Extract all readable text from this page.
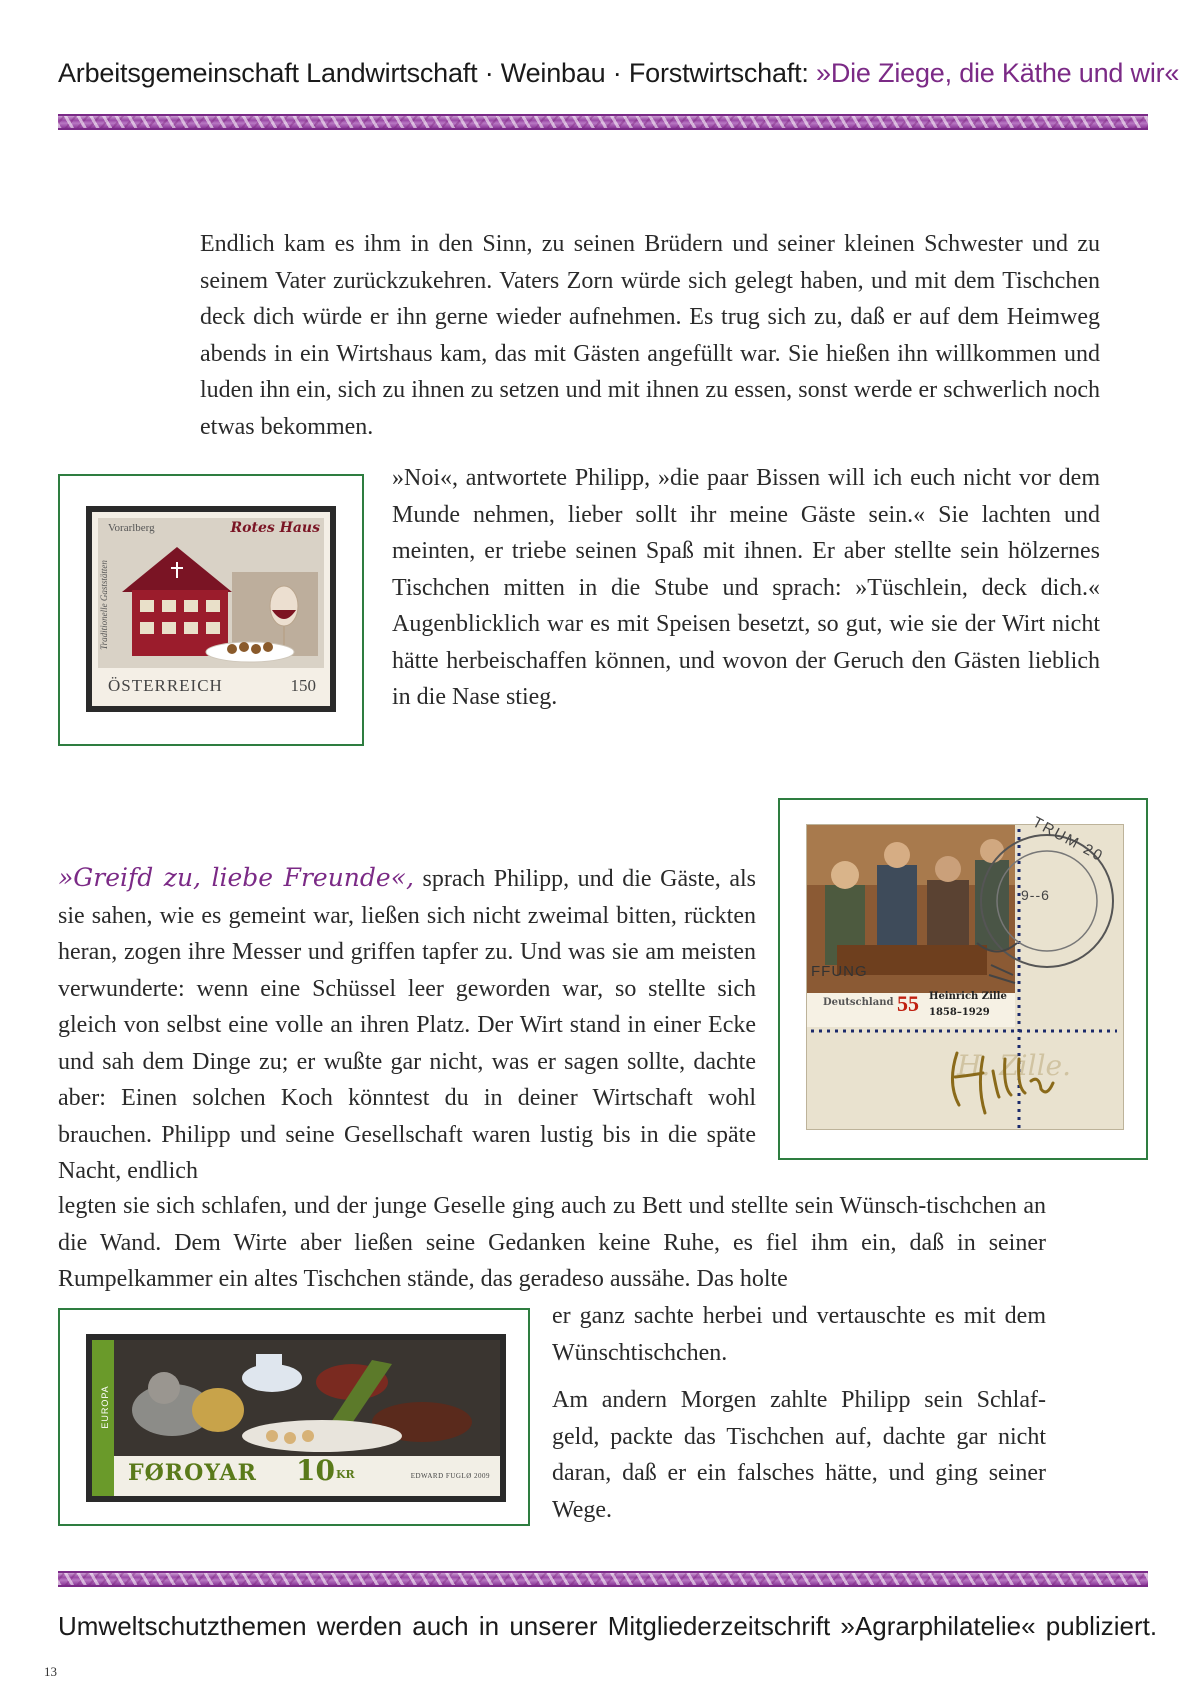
Arbeitsgemeinschaft Landwirtschaft · Weinbau · Forstwirtschaft: »Die Ziege, die Käthe und wir«

Endlich kam es ihm in den Sinn, zu seinen Brüdern und seiner kleinen Schwester und zu seinem Vater zurückzukehren. Vaters Zorn würde sich gelegt haben, und mit dem Tischchen deck dich würde er ihn gerne wieder aufnehmen. Es trug sich zu, daß er auf dem Heimweg abends in ein Wirtshaus kam, das mit Gästen angefüllt war. Sie hießen ihn willkommen und luden ihn ein, sich zu ihnen zu setzen und mit ihnen zu essen, sonst werde er schwerlich noch etwas bekommen.

Vorarlberg	Rotes Haus
Traditionelle Gaststätten
ÖSTERREICH	150

»Noi«, antwortete Philipp, »die paar Bissen will ich euch nicht vor dem Munde nehmen, lieber sollt ihr meine Gäste sein.« Sie lachten und meinten, er triebe seinen Spaß mit ihnen. Er aber stellte sein hölzernes Tischchen mitten in die Stube und sprach: »Tüschlein, deck dich.« Augenblicklich war es mit Speisen besetzt, so gut, wie sie der Wirt nicht hätte herbeischaffen können, und wovon der Geruch den Gästen lieblich in die Nase stieg.

Deutschland 55 Heinrich Zille
1858–1929
TRUM 20
9--6
FFUNG
H. Zille.

»Greifd zu, liebe Freunde«, sprach Philipp, und die Gäste, als sie sahen, wie es gemeint war, ließen sich nicht zweimal bitten, rückten heran, zogen ihre Messer und griffen tapfer zu. Und was sie am meisten verwunderte: wenn eine Schüssel leer geworden war, so stellte sich gleich von selbst eine volle an ihren Platz. Der Wirt stand in einer Ecke und sah dem Dinge zu; er wußte gar nicht, was er sagen sollte, dachte aber: Einen solchen Koch könntest du in deiner Wirtschaft wohl brauchen. Philipp und seine Gesellschaft waren lustig bis in die späte Nacht, endlich

legten sie sich schlafen, und der junge Geselle ging auch zu Bett und stellte sein Wünsch-tischchen an die Wand. Dem Wirte aber ließen seine Gedanken keine Ruhe, es fiel ihm ein, daß in seiner Rumpelkammer ein altes Tischchen stände, das geradeso aussähe. Das holte

EUROPA
FØROYAR 10 KR	EDWARD FUGLØ 2009

er ganz sachte herbei und vertauschte es mit dem Wünschtischchen.

Am andern Morgen zahlte Philipp sein Schlaf-geld, packte das Tischchen auf, dachte gar nicht daran, daß er ein falsches hätte, und ging seiner Wege.

Umweltschutzthemen werden auch in unserer Mitgliederzeitschrift »Agrarphilatelie« publiziert.
13
